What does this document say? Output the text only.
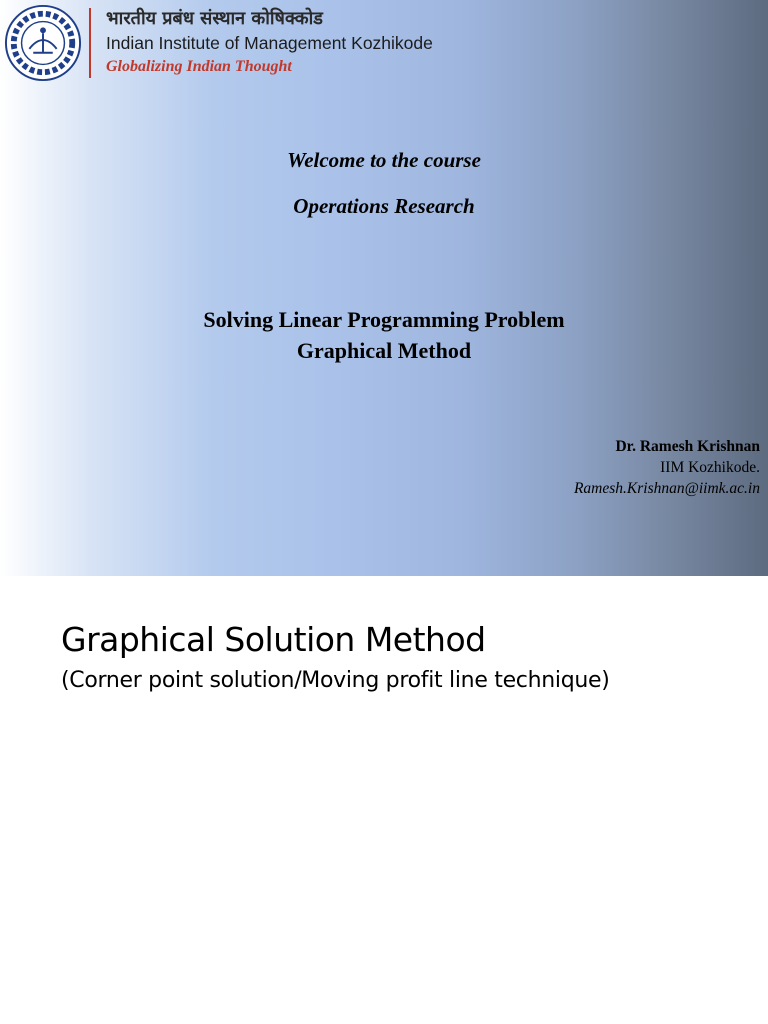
भारतीय प्रबंध संस्थान कोषिक्कोड
Indian Institute of Management Kozhikode
Globalizing Indian Thought
Welcome to the course
Operations Research
Solving Linear Programming Problem
Graphical Method
Dr. Ramesh Krishnan
IIM Kozhikode.
Ramesh.Krishnan@iimk.ac.in
Graphical Solution Method
(Corner point solution/Moving profit line technique)
